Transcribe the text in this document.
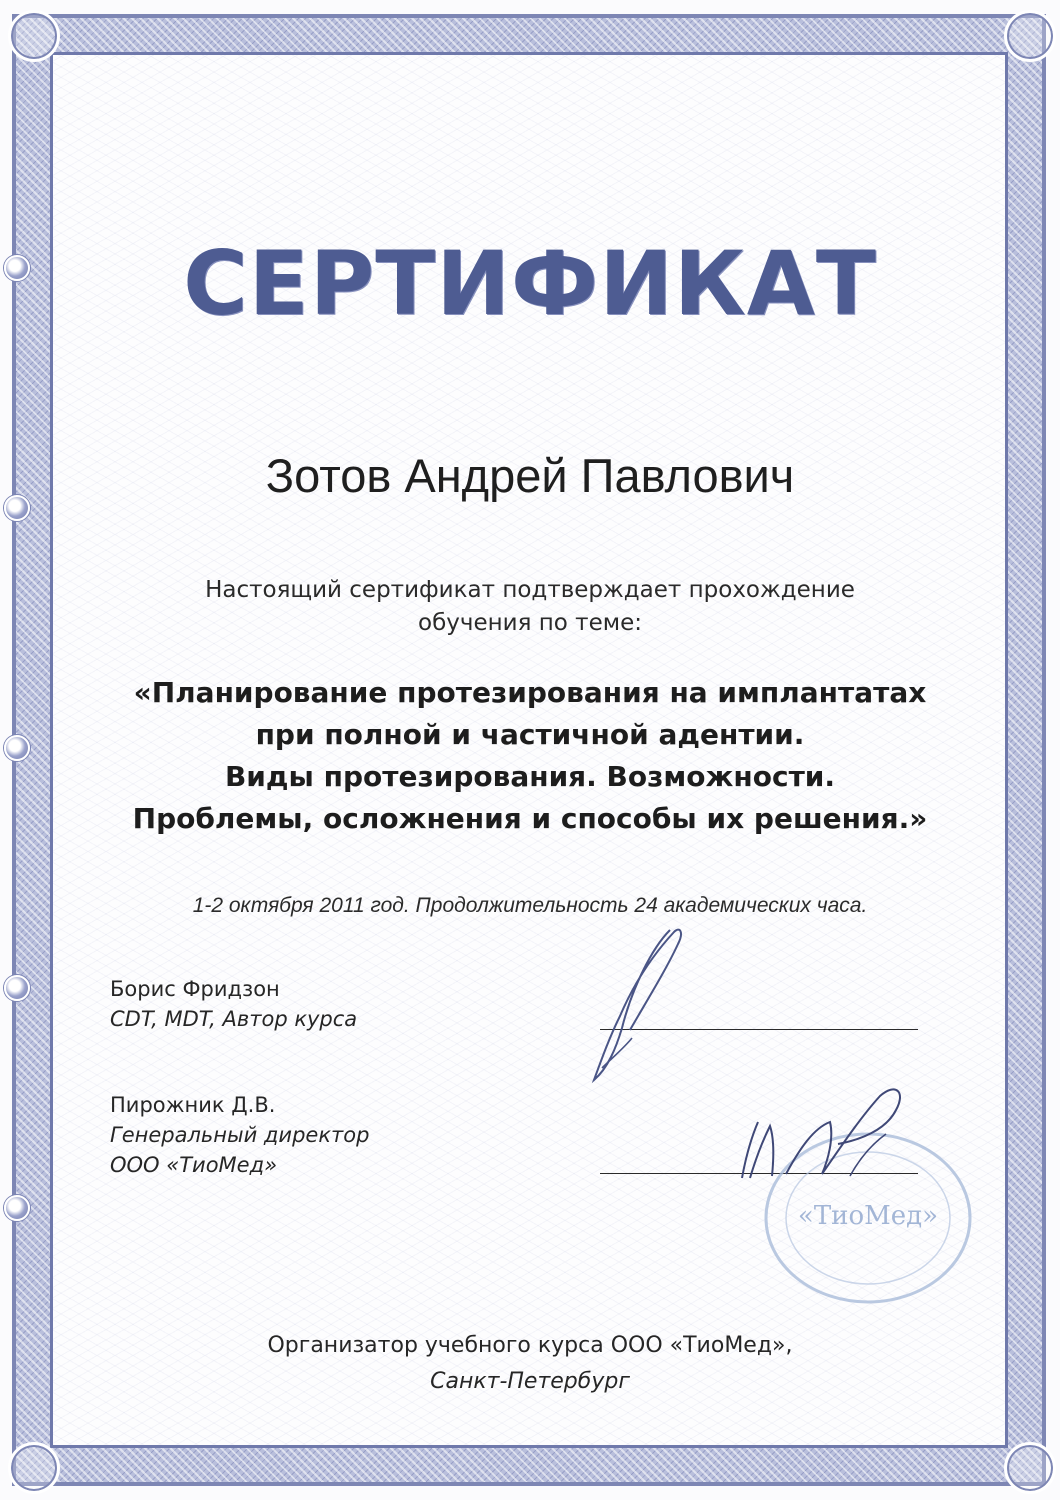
СЕРТИФИКАТ
Зотов Андрей Павлович
Настоящий сертификат подтверждает прохождение
обучения по теме:
«Планирование протезирования на имплантатах
при полной и частичной адентии.
Виды протезирования. Возможности.
Проблемы, осложнения и способы их решения.»
1-2 октября 2011 год. Продолжительность 24 академических часа.
Борис Фридзон
CDT, MDT, Автор курса
Пирожник Д.В.
Генеральный директор
ООО «ТиоМед»
«ТиоМед»
Организатор учебного курса ООО «ТиоМед»,
Санкт-Петербург
